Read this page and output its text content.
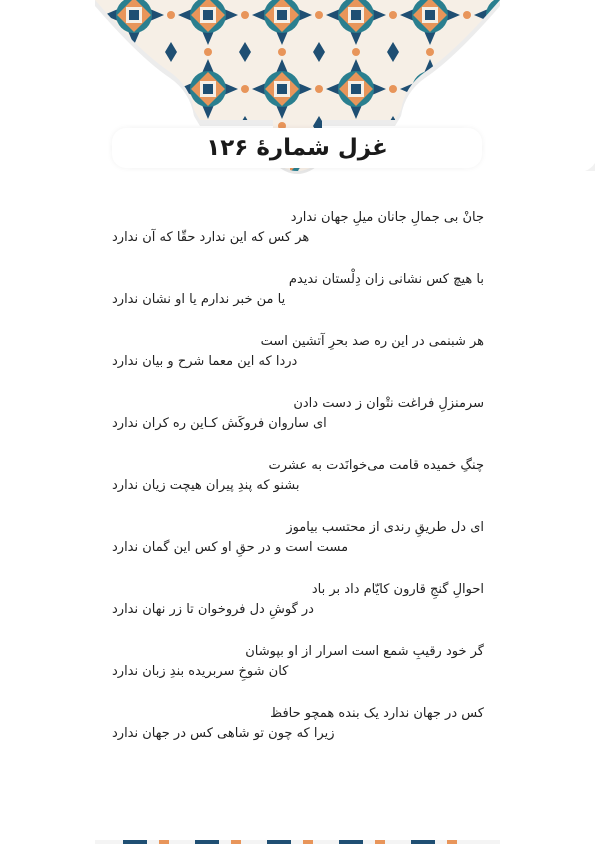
غزل شمارهٔ ۱۲۶
جانْ بی جمالِ جانان میلِ جهان ندارد
هر کس که این ندارد حقّا که آن ندارد
با هیچ کس نشانی زان دِلْستان ندیدم
یا من خبر ندارم یا او نشان ندارد
هر شبنمی در این ره صد بحرِ آتشین است
دردا که این معما شرح و بیان ندارد
سرمنزلِ فراغت نتْوان ز دست دادن
ای ساروان فروکَش کـاین ره کران ندارد
چنگِ خمیده قامت می‌خوانَدت به عشرت
بشنو که پندِ پیران هیچت زیان ندارد
ای دل طریقِ رندی از محتسب بیاموز
مست است و در حقِ او کس این گمان ندارد
احوالِ گنجِ قارون کایّام داد بر باد
در گوشِ دل فروخوان تا زر نهان ندارد
گر خود رقیبِ شمع است اسرار از او بپوشان
کان شوخِ سربریده بندِ زبان ندارد
کس در جهان ندارد یک بنده همچو حافظ
زیرا که چون تو شاهی کس در جهان ندارد
